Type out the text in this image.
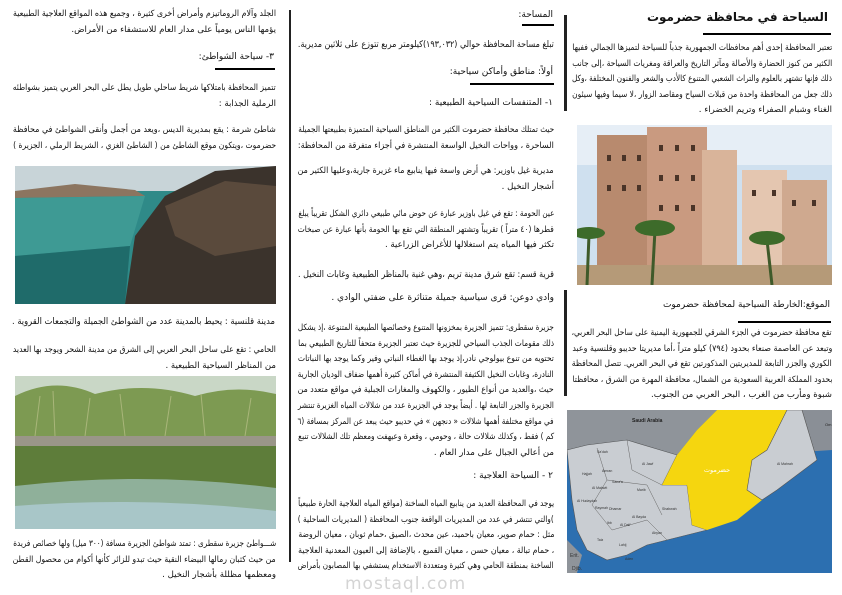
السياحة في محافظة حضرموت
تعتبر المحافظة إحدى أهم محافظات الجمهورية جذباً للسياحة لتميزها الجمالي ففيها
الكثير من كنوز الحضارة والأصالة ومآثر التاريخ والعراقة ومغريات السياحة ،إلى جانب
ذلك فإنها تشتهر بالعلوم والتراث الشعبي المتنوع كالأدب والشعر والفنون المختلفة ،وكل
ذلك جعل من المحافظة واحدة من قبلات السياح ومقاصد الزوار ،لا سيما وفيها سيئون
الغناء وشبام الصفراء وتريم الخضراء .
الموقع:الخارطة السياحية لمحافظة حضرموت
تقع محافظة حضرموت في الجزء الشرقي للجمهورية اليمنية على ساحل البحر العربي،
وتبعد عن العاصمة صنعاء بحدود (٧٩٤) كيلو متراً ،أما مديريتا حديبو وقلنسية وعبد
الكوري والجزر التابعة للمديريتين المذكورتين تقع في البحر العربي. تتصل المحافظة
بحدود المملكة العربية السعودية من الشمال، محافظة المهرة من الشرق ، محافظتا
شبوة ومأرب من الغرب ، البحر العربي من الجنوب.
Sa'dah
Al Jawf
Hajjah
Amran
Sana'a
Marib
Al Mahwit
Al Hudaydah
Dhamar
Raymah
Ibb
Al Bayda
Shabwah
Al Mahrah
Al Dali'
Taiz
Lahij
Abyan
Aden
Erit.
Djib.
Saudi Arabia
Om
حضرموت
المساحة:
تبلغ مساحة المحافظة حوالي (١٩٣,٠٣٢)كيلومتر مربع تتوزع على ثلاثين مديرية.
أولاً: مناطق وأماكن سياحية:
١- المتنفسات السياحية الطبيعية :
حيث تمتلك محافظة حضرموت الكثير من المناطق السياحية المتميزة بطبيعتها الجميلة
الساحرة ، وواحات النخيل الواسعة المنتشرة في أجزاء متفرقة من المحافظة:
مديرية غيل باوزير: هي أرض واسعة فيها ينابيع ماء غزيرة جارية،وعليها الكثير من
أشجار النخيل .
عين الحومة : تقع في غيل باوزير عبارة عن حوض مائي طبيعي دائري الشكل تقريباً يبلغ
قطرها (٤٠ متراً ) تقريباً وتشتهر المنطقة التي تقع بها الحومة بأنها عبارة عن صبخات
تكثر فيها المياه يتم استغلالها للأغراض الزراعية .
قرية قسم: تقع شرق مدينة تريم ،وهي غنية بالمناظر الطبيعية وغابات النخيل .
وادي دوعن: قرى سياسية جميلة متناثرة على ضفتي الوادي .
جزيرة سقطرى: تتميز الجزيرة بمخزونها المتنوع وخصائصها الطبيعية المتنوعة ،إذ يشكل
ذلك مقومات الجذب السياحي للجزيرة حيث تعتبر الجزيرة متحفاً للتاريخ الطبيعي بما
تحتويه من تنوع بيولوجي نادر،إذ يوجد بها الغطاء النباتي وفير وكما يوجد بها النباتات
النادرة، وغابات النخيل الكثيفة المنتشرة في أماكن كثيرة أهمها ضفاف الوديان الجارية
حيث ،والعديد من أنواع الطيور ، والكهوف والمغارات الجبلية في مواقع متعدد من
الجزيرة والجزر التابعة لها . أيضاً يوجد في الجزيرة عدد من شلالات المياه الغزيرة تنتشر
في مواقع مختلفة أهمها شلالات « دنجهن » في حديبو حيث يبعد عن المركز بمسافة (٦
كم ) فقط ، وكذلك شلالات حالة ، وحومي ، وقعرة وعيهفت ومعظم تلك الشلالات تنبع
من أعالي الجبال على مدار العام .
٢ - السياحة العلاجية :
يوجد في المحافظة العديد من ينابيع المياه الساخنة (مواقع المياه العلاجية الحارة طبيعياً
)والتي تنتشر في عدد من المديريات الواقعة جنوب المحافظة ( المديريات الساحلية )
مثل : حمام صوير، معيان باحميد، عين محدث ،الصيق ،حمام ثوبان ، معيان الروضة
، حمام تبالة ، معيان حسن ، معيان القميع ، بالإضافة إلى العيون المعدنية العلاجية
الساخنة بمنطقة الحامي وهي كثيرة ومتعددة الاستخدام يستشفي بها المصابون بأمراض
mostaql.com
الجلد وآلام الروماتيزم وأمراض أخرى كثيرة ، وجميع هذه المواقع العلاجية الطبيعية
يؤمها الناس يومياً على مدار العام للاستشفاء من الأمراض.
٣- سياحة الشواطئ:
تتميز المحافظة بامتلاكها شريط ساحلي طويل يطل على البحر العربي يتميز بشواطئه
الرملية الجذابة :
شاطئ شرمة : يقع بمديرية الديس ،ويعد من أجمل وأنقى الشواطئ في محافظة
حضرموت ،ويتكون موقع الشاطئ من ( الشاطئ الغزي ، الشريط الرملي ، الجزيرة )
مدينة قلنسية : يحيط بالمدينة عدد من الشواطئ الجميلة والتجمعات القروية .
الحامي : تقع على ساحل البحر العربي إلى الشرق من مدينة الشحر ويوجد بها العديد
من المناظر السياحية الطبيعية .
شـــواطئ جزيرة سقطرى : تمتد شواطئ الجزيرة مسافة (٣٠٠ ميل) ولها خصائص فريدة
من حيث كثبان رمالها البيضاء النقية حيث تبدو للزائر كأنها أكوام من محصول القطن
ومعظمها مظللة بأشجار النخيل .
